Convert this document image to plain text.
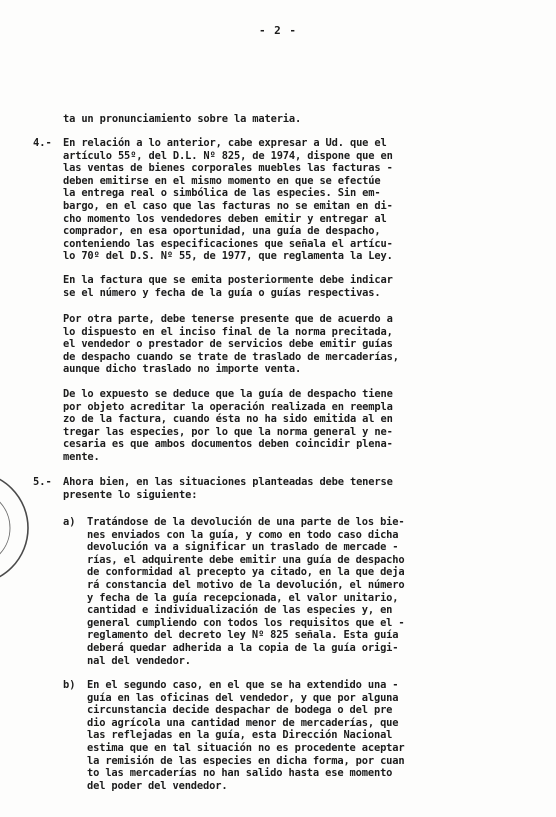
- 2 -
ta un pronunciamiento sobre la materia.
4.- En relación a lo anterior, cabe expresar a Ud. que el
artículo 55º, del D.L. Nº 825, de 1974, dispone que en
las ventas de bienes corporales muebles las facturas -
deben emitirse en el mismo momento en que se efectúe
la entrega real o simbólica de las especies. Sin em-
bargo, en el caso que las facturas no se emitan en di-
cho momento los vendedores deben emitir y entregar al
comprador, en esa oportunidad, una guía de despacho,
conteniendo las especificaciones que señala el artícu-
lo 70º del D.S. Nº 55, de 1977, que reglamenta la Ley.
En la factura que se emita posteriormente debe indicar
se el número y fecha de la guía o guías respectivas.
Por otra parte, debe tenerse presente que de acuerdo a
lo dispuesto en el inciso final de la norma precitada,
el vendedor o prestador de servicios debe emitir guías
de despacho cuando se trate de traslado de mercaderías,
aunque dicho traslado no importe venta.
De lo expuesto se deduce que la guía de despacho tiene
por objeto acreditar la operación realizada en reempla
zo de la factura, cuando ésta no ha sido emitida al en
tregar las especies, por lo que la norma general y ne-
cesaria es que ambos documentos deben coincidir plena-
mente.
5.- Ahora bien, en las situaciones planteadas debe tenerse
presente lo siguiente:
a) Tratándose de la devolución de una parte de los bie-
nes enviados con la guía, y como en todo caso dicha
devolución va a significar un traslado de mercade -
rías, el adquirente debe emitir una guía de despacho
de conformidad al precepto ya citado, en la que deja
rá constancia del motivo de la devolución, el número
y fecha de la guía recepcionada, el valor unitario,
cantidad e individualización de las especies y, en
general cumpliendo con todos los requisitos que el -
reglamento del decreto ley Nº 825 señala. Esta guía
deberá quedar adherida a la copia de la guía origi-
nal del vendedor.
b) En el segundo caso, en el que se ha extendido una -
guía en las oficinas del vendedor, y que por alguna
circunstancia decide despachar de bodega o del pre
dio agrícola una cantidad menor de mercaderías, que
las reflejadas en la guía, esta Dirección Nacional
estima que en tal situación no es procedente aceptar
la remisión de las especies en dicha forma, por cuan
to las mercaderías no han salido hasta ese momento
del poder del vendedor.
